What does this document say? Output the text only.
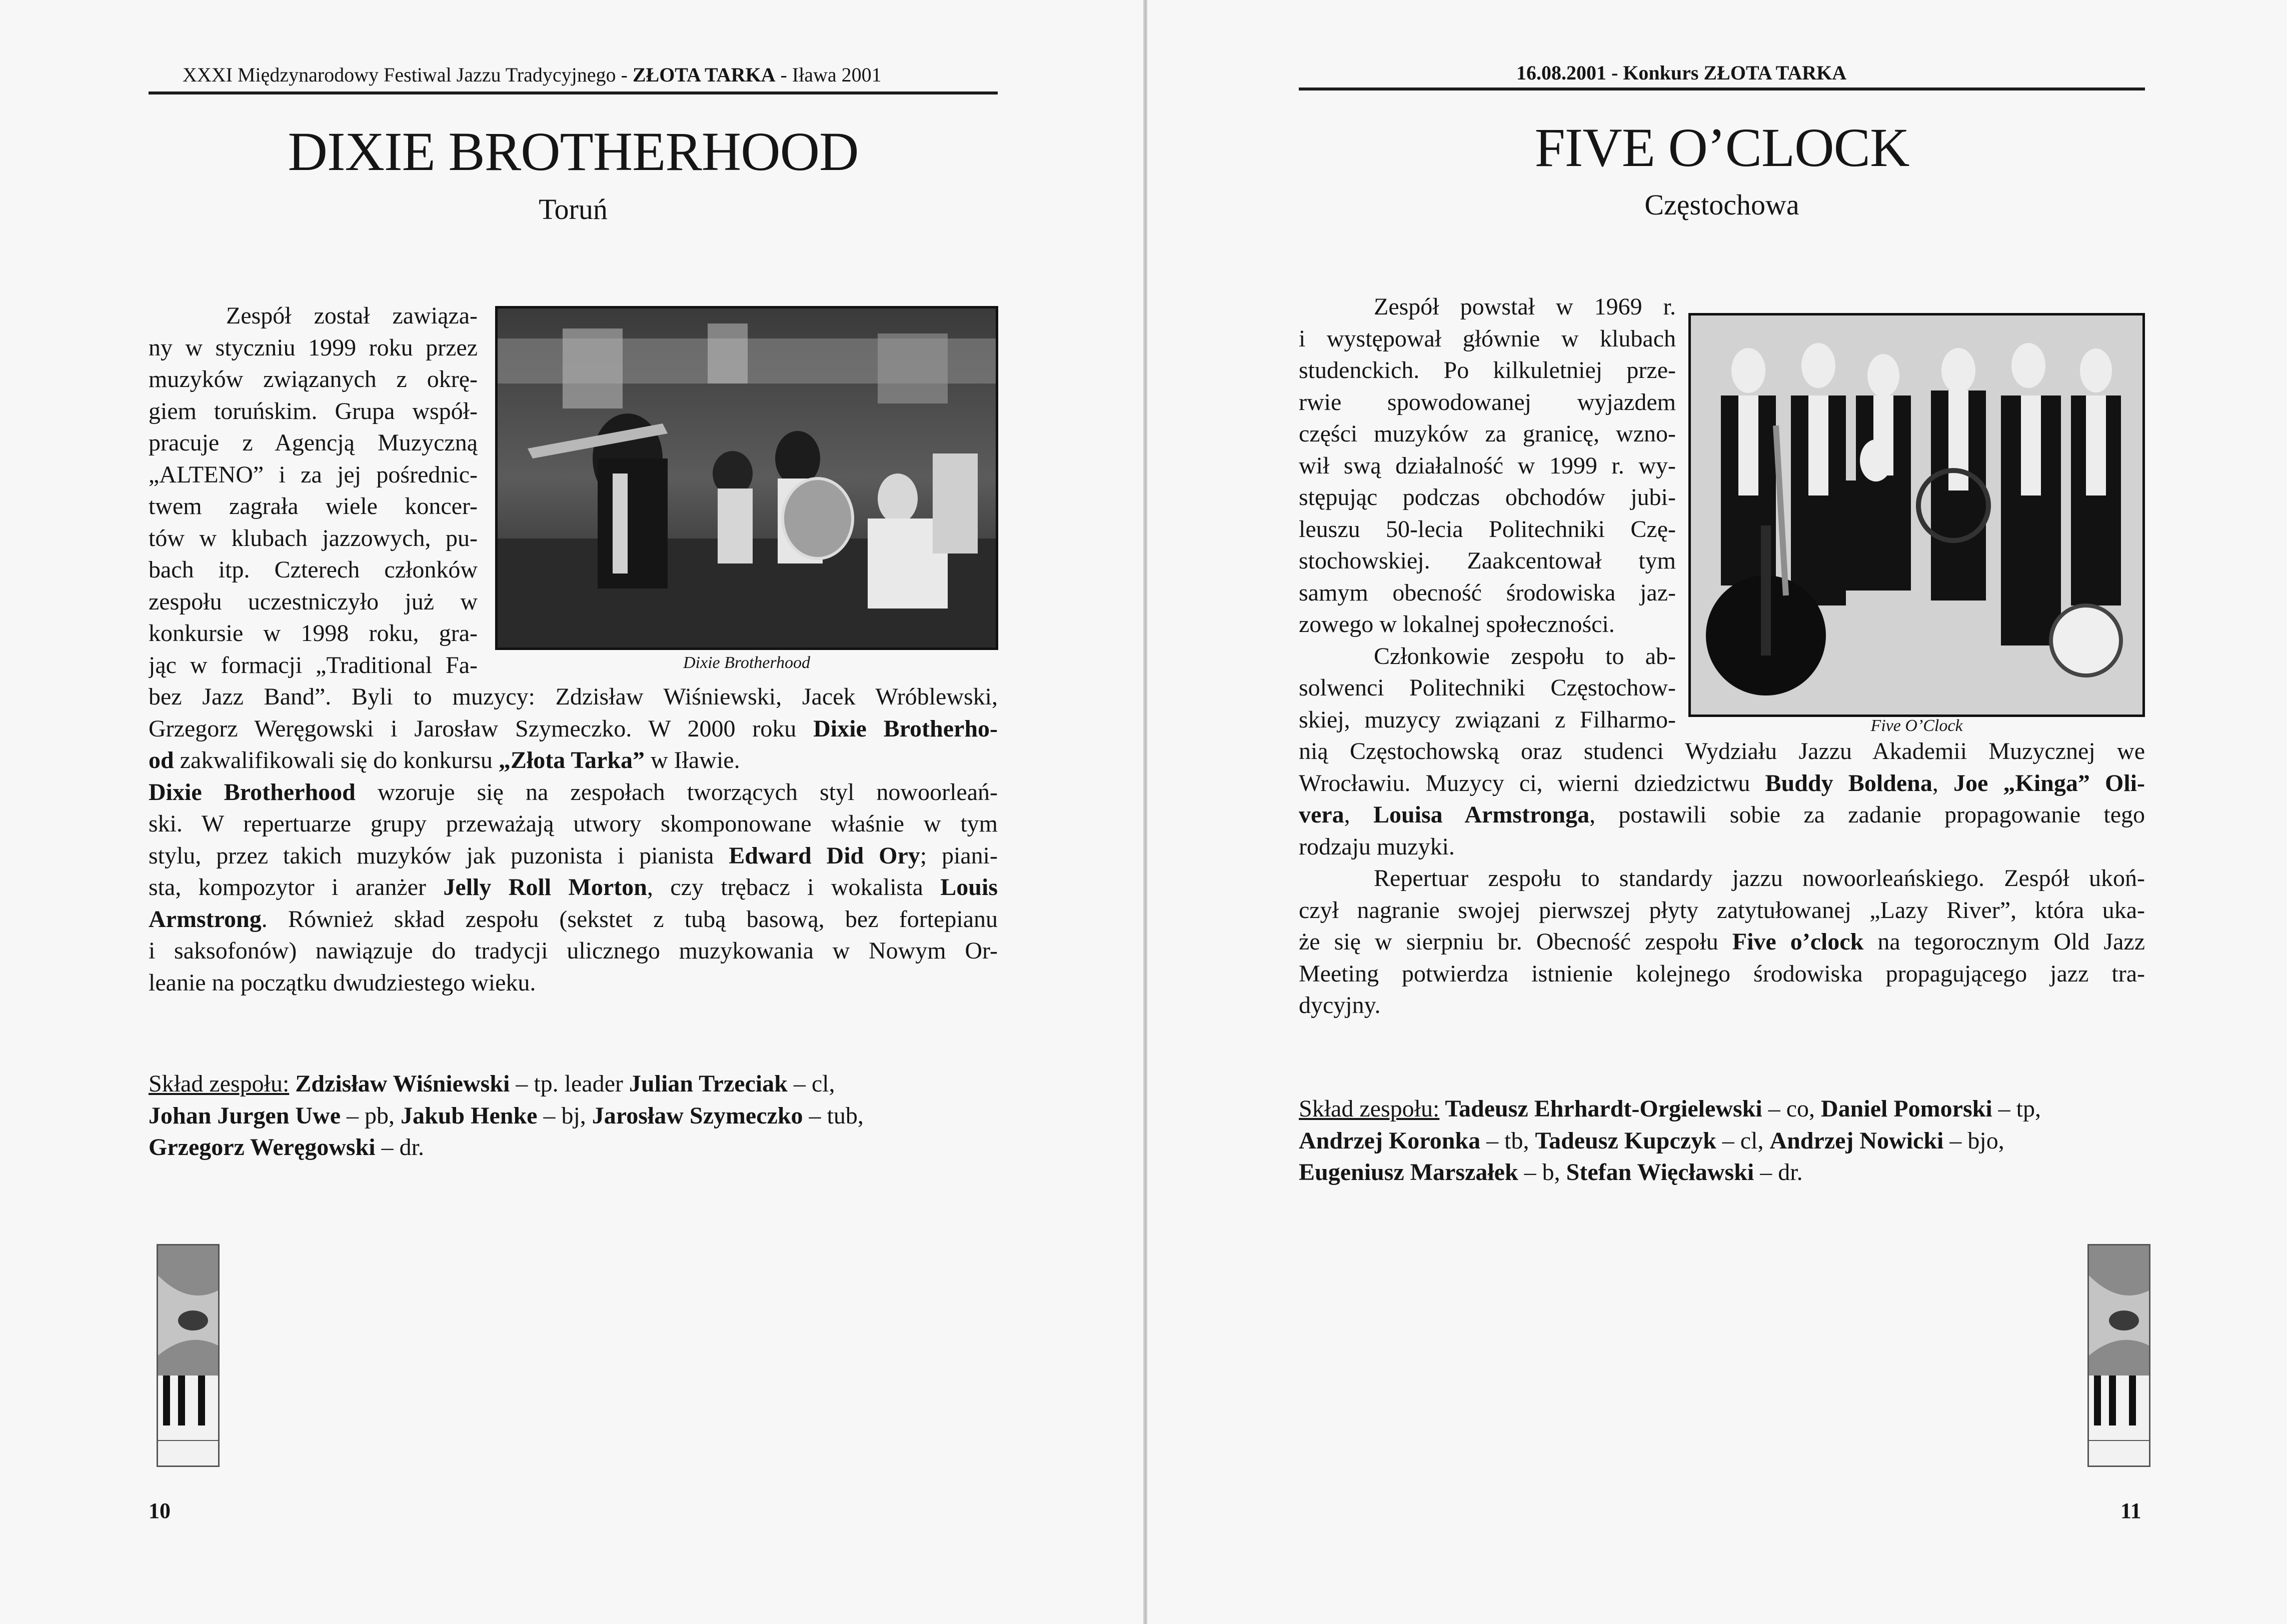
XXXI Międzynarodowy Festiwal Jazzu Tradycyjnego - ZŁOTA TARKA - Iława 2001
DIXIE BROTHERHOOD
Toruń
Dixie Brotherhood
Zespół został zawiąza-
ny w styczniu 1999 roku przez
muzyków związanych z okrę-
giem toruńskim. Grupa współ-
pracuje z Agencją Muzyczną
„ALTENO” i za jej pośrednic-
twem zagrała wiele koncer-
tów w klubach jazzowych, pu-
bach itp. Czterech członków
zespołu uczestniczyło już w
konkursie w 1998 roku, gra-
jąc w formacji „Traditional Fa-
bez Jazz Band”. Byli to muzycy: Zdzisław Wiśniewski, Jacek Wróblewski,
Grzegorz Weręgowski i Jarosław Szymeczko. W 2000 roku Dixie Brotherho-
od zakwalifikowali się do konkursu „Złota Tarka” w Iławie.
Dixie Brotherhood wzoruje się na zespołach tworzących styl nowoorleań-
ski. W repertuarze grupy przeważają utwory skomponowane właśnie w tym
stylu, przez takich muzyków jak puzonista i pianista Edward Did Ory; piani-
sta, kompozytor i aranżer Jelly Roll Morton, czy trębacz i wokalista Louis
Armstrong. Również skład zespołu (sekstet z tubą basową, bez fortepianu
i saksofonów) nawiązuje do tradycji ulicznego muzykowania w Nowym Or-
leanie na początku dwudziestego wieku.
Skład zespołu: Zdzisław Wiśniewski – tp. leader Julian Trzeciak – cl,
Johan Jurgen Uwe – pb, Jakub Henke – bj, Jarosław Szymeczko – tub,
Grzegorz Weręgowski – dr.
10
16.08.2001 - Konkurs ZŁOTA TARKA
FIVE O’CLOCK
Częstochowa
Five O’Clock
Zespół powstał w 1969 r.
i występował głównie w klubach
studenckich. Po kilkuletniej prze-
rwie spowodowanej wyjazdem
części muzyków za granicę, wzno-
wił swą działalność w 1999 r. wy-
stępując podczas obchodów jubi-
leuszu 50-lecia Politechniki Czę-
stochowskiej. Zaakcentował tym
samym obecność środowiska jaz-
zowego w lokalnej społeczności.
Członkowie zespołu to ab-
solwenci Politechniki Częstochow-
skiej, muzycy związani z Filharmo-
nią Częstochowską oraz studenci Wydziału Jazzu Akademii Muzycznej we
Wrocławiu. Muzycy ci, wierni dziedzictwu Buddy Boldena, Joe „Kinga” Oli-
vera, Louisa Armstronga, postawili sobie za zadanie propagowanie tego
rodzaju muzyki.
Repertuar zespołu to standardy jazzu nowoorleańskiego. Zespół ukoń-
czył nagranie swojej pierwszej płyty zatytułowanej „Lazy River”, która uka-
że się w sierpniu br. Obecność zespołu Five o’clock na tegorocznym Old Jazz
Meeting potwierdza istnienie kolejnego środowiska propagującego jazz tra-
dycyjny.
Skład zespołu: Tadeusz Ehrhardt-Orgielewski – co, Daniel Pomorski – tp,
Andrzej Koronka – tb, Tadeusz Kupczyk – cl, Andrzej Nowicki – bjo,
Eugeniusz Marszałek – b, Stefan Więcławski – dr.
11
